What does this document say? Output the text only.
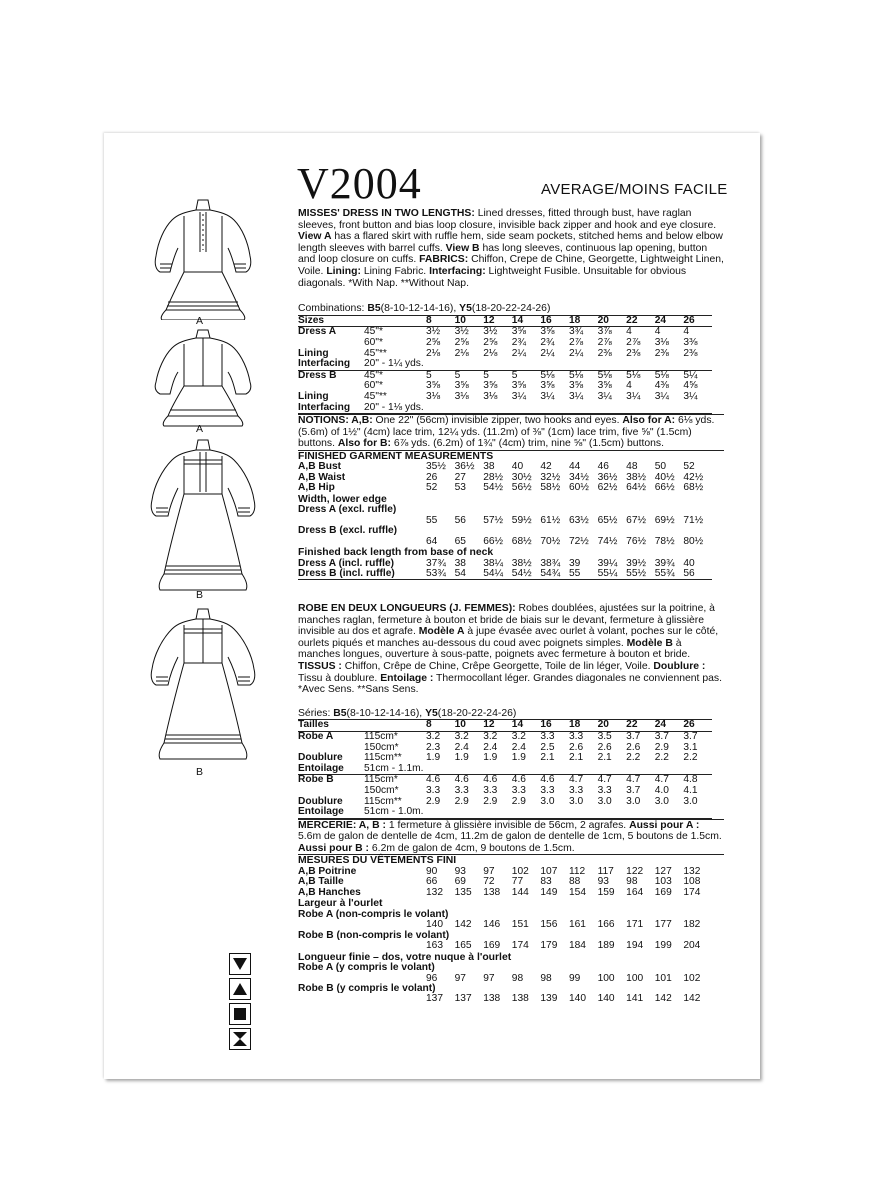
V2004	AVERAGE/MOINS FACILE
A
A
B
B

MISSES' DRESS IN TWO LENGTHS: Lined dresses, fitted through bust, have raglan sleeves, front button and bias loop closure, invisible back zipper and hook and eye closure. View A has a flared skirt with ruffle hem, side seam pockets, stitched hems and below elbow length sleeves with barrel cuffs. View B has long sleeves, continuous lap opening, button and loop closure on cuffs. FABRICS: Chiffon, Crepe de Chine, Georgette, Lightweight Linen, Voile. Lining: Lining Fabric. Interfacing: Lightweight Fusible. Unsuitable for obvious diagonals. *With Nap. **Without Nap.

Combinations: B5(8-10-12-14-16), Y5(18-20-22-24-26)

Sizes		8	10	12	14	16	18	20	22	24	26
Dress A	45"*	3½	3½	3½	3⅝	3⅝	3¾	3⅞	4	4	4
	60"*	2⅝	2⅝	2⅝	2¾	2¾	2⅞	2⅞	2⅞	3⅛	3⅜
Lining	45"**	2⅛	2⅛	2⅛	2¼	2¼	2¼	2⅜	2⅜	2⅜	2⅜
Interfacing	20" - 1¼ yds.										
Dress B	45"*	5	5	5	5	5⅛	5⅛	5⅛	5⅛	5⅛	5¼
	60"*	3⅝	3⅝	3⅝	3⅝	3⅝	3⅝	3⅝	4	4⅜	4⅝
Lining	45"**	3⅛	3⅛	3⅛	3¼	3¼	3¼	3¼	3¼	3¼	3¼
Interfacing	20" - 1⅛ yds.										

NOTIONS: A,B: One 22" (56cm) invisible zipper, two hooks and eyes. Also for A: 6⅛ yds. (5.6m) of 1½" (4cm) lace trim, 12¼ yds. (11.2m) of ⅜" (1cm) lace trim, five ⅝" (1.5cm) buttons. Also for B: 6⅞ yds. (6.2m) of 1¾" (4cm) trim, nine ⅝" (1.5cm) buttons.

FINISHED GARMENT MEASUREMENTS
A,B Bust	35½	36½	38	40	42	44	46	48	50	52
A,B Waist	26	27	28½	30½	32½	34½	36½	38½	40½	42½
A,B Hip	52	53	54½	56½	58½	60½	62½	64½	66½	68½
Width, lower edge
Dress A (excl. ruffle)										
	55	56	57½	59½	61½	63½	65½	67½	69½	71½
Dress B (excl. ruffle)										
	64	65	66½	68½	70½	72½	74½	76½	78½	80½
Finished back length from base of neck
Dress A (incl. ruffle)	37¾	38	38¼	38½	38¾	39	39¼	39½	39¾	40
Dress B (incl. ruffle)	53¾	54	54¼	54½	54¾	55	55¼	55½	55¾	56

ROBE EN DEUX LONGUEURS (J. FEMMES): Robes doublées, ajustées sur la poitrine, à manches raglan, fermeture à bouton et bride de biais sur le devant, fermeture à glissière invisible au dos et agrafe. Modèle A à jupe évasée avec ourlet à volant, poches sur le côté, ourlets piqués et manches au-dessous du coud avec poignets simples. Modèle B à manches longues, ouverture à sous-patte, poignets avec fermeture à bouton et bride. TISSUS : Chiffon, Crêpe de Chine, Crêpe Georgette, Toile de lin léger, Voile. Doublure : Tissu à doublure. Entoilage : Thermocollant léger. Grandes diagonales ne conviennent pas. *Avec Sens. **Sans Sens.

Séries: B5(8-10-12-14-16), Y5(18-20-22-24-26)

Tailles		8	10	12	14	16	18	20	22	24	26
Robe A	115cm*	3.2	3.2	3.2	3.2	3.3	3.3	3.5	3.7	3.7	3.7
	150cm*	2.3	2.4	2.4	2.4	2.5	2.6	2.6	2.6	2.9	3.1
Doublure	115cm**	1.9	1.9	1.9	1.9	2.1	2.1	2.1	2.2	2.2	2.2
Entoilage	51cm - 1.1m.										
Robe B	115cm*	4.6	4.6	4.6	4.6	4.6	4.7	4.7	4.7	4.7	4.8
	150cm*	3.3	3.3	3.3	3.3	3.3	3.3	3.3	3.7	4.0	4.1
Doublure	115cm**	2.9	2.9	2.9	2.9	3.0	3.0	3.0	3.0	3.0	3.0
Entoilage	51cm - 1.0m.										

MERCERIE: A, B : 1 fermeture à glissière invisible de 56cm, 2 agrafes. Aussi pour A : 5.6m de galon de dentelle de 4cm, 11.2m de galon de dentelle de 1cm, 5 boutons de 1.5cm. Aussi pour B : 6.2m de galon de 4cm, 9 boutons de 1.5cm.

MESURES DU VÊTEMENTS FINI
A,B Poitrine	90	93	97	102	107	112	117	122	127	132
A,B Taille	66	69	72	77	83	88	93	98	103	108
A,B Hanches	132	135	138	144	149	154	159	164	169	174
Largeur à l'ourlet
Robe A (non-compris le volant)										
	140	142	146	151	156	161	166	171	177	182
Robe B (non-compris le volant)										
	163	165	169	174	179	184	189	194	199	204
Longueur finie – dos, votre nuque à l'ourlet
Robe A (y compris le volant)										
	96	97	97	98	98	99	100	100	101	102
Robe B (y compris le volant)										
	137	137	138	138	139	140	140	141	142	142
